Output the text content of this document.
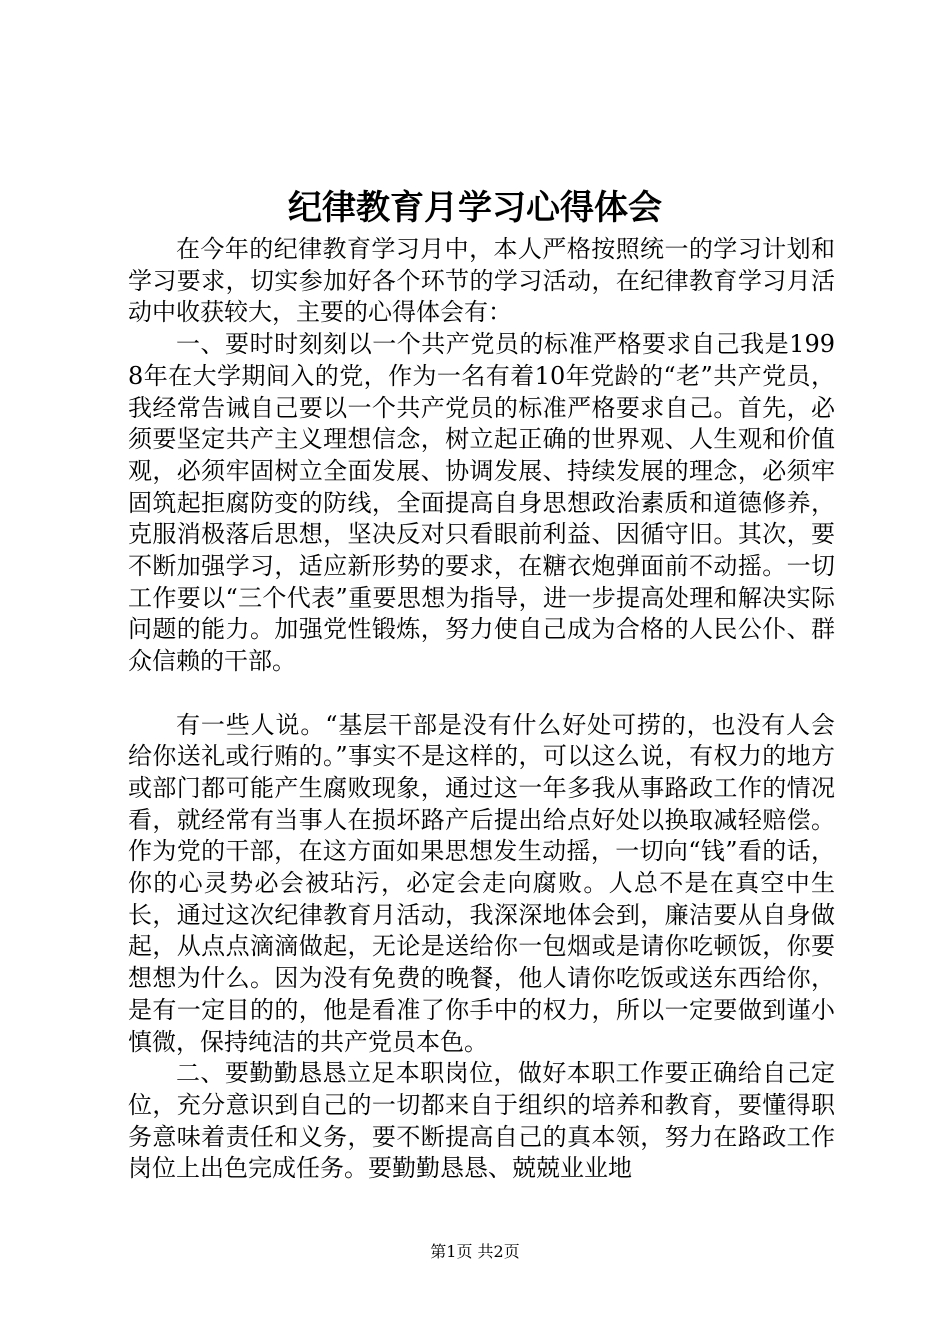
纪律教育月学习心得体会

在今年的纪律教育学习月中，本人严格按照统一的学习计划和学习要求，切实参加好各个环节的学习活动，在纪律教育学习月活动中收获较大，主要的心得体会有：

一、要时时刻刻以一个共产党员的标准严格要求自己我是1998年在大学期间入的党，作为一名有着10年党龄的“老”共产党员，我经常告诫自己要以一个共产党员的标准严格要求自己。首先，必须要坚定共产主义理想信念，树立起正确的世界观、人生观和价值观，必须牢固树立全面发展、协调发展、持续发展的理念，必须牢固筑起拒腐防变的防线，全面提高自身思想政治素质和道德修养，克服消极落后思想，坚决反对只看眼前利益、因循守旧。其次，要不断加强学习，适应新形势的要求，在糖衣炮弹面前不动摇。一切工作要以“三个代表”重要思想为指导，进一步提高处理和解决实际问题的能力。加强党性锻炼，努力使自己成为合格的人民公仆、群众信赖的干部。

有一些人说。“基层干部是没有什么好处可捞的，也没有人会给你送礼或行贿的。”事实不是这样的，可以这么说，有权力的地方或部门都可能产生腐败现象，通过这一年多我从事路政工作的情况看，就经常有当事人在损坏路产后提出给点好处以换取减轻赔偿。作为党的干部，在这方面如果思想发生动摇，一切向“钱”看的话，你的心灵势必会被玷污，必定会走向腐败。人总不是在真空中生长，通过这次纪律教育月活动，我深深地体会到，廉洁要从自身做起，从点点滴滴做起，无论是送给你一包烟或是请你吃顿饭，你要想想为什么。因为没有免费的晚餐，他人请你吃饭或送东西给你，是有一定目的的，他是看准了你手中的权力，所以一定要做到谨小慎微，保持纯洁的共产党员本色。

二、要勤勤恳恳立足本职岗位，做好本职工作要正确给自己定位，充分意识到自己的一切都来自于组织的培养和教育，要懂得职务意味着责任和义务，要不断提高自己的真本领，努力在路政工作岗位上出色完成任务。要勤勤恳恳、兢兢业业地

第1页 共2页
